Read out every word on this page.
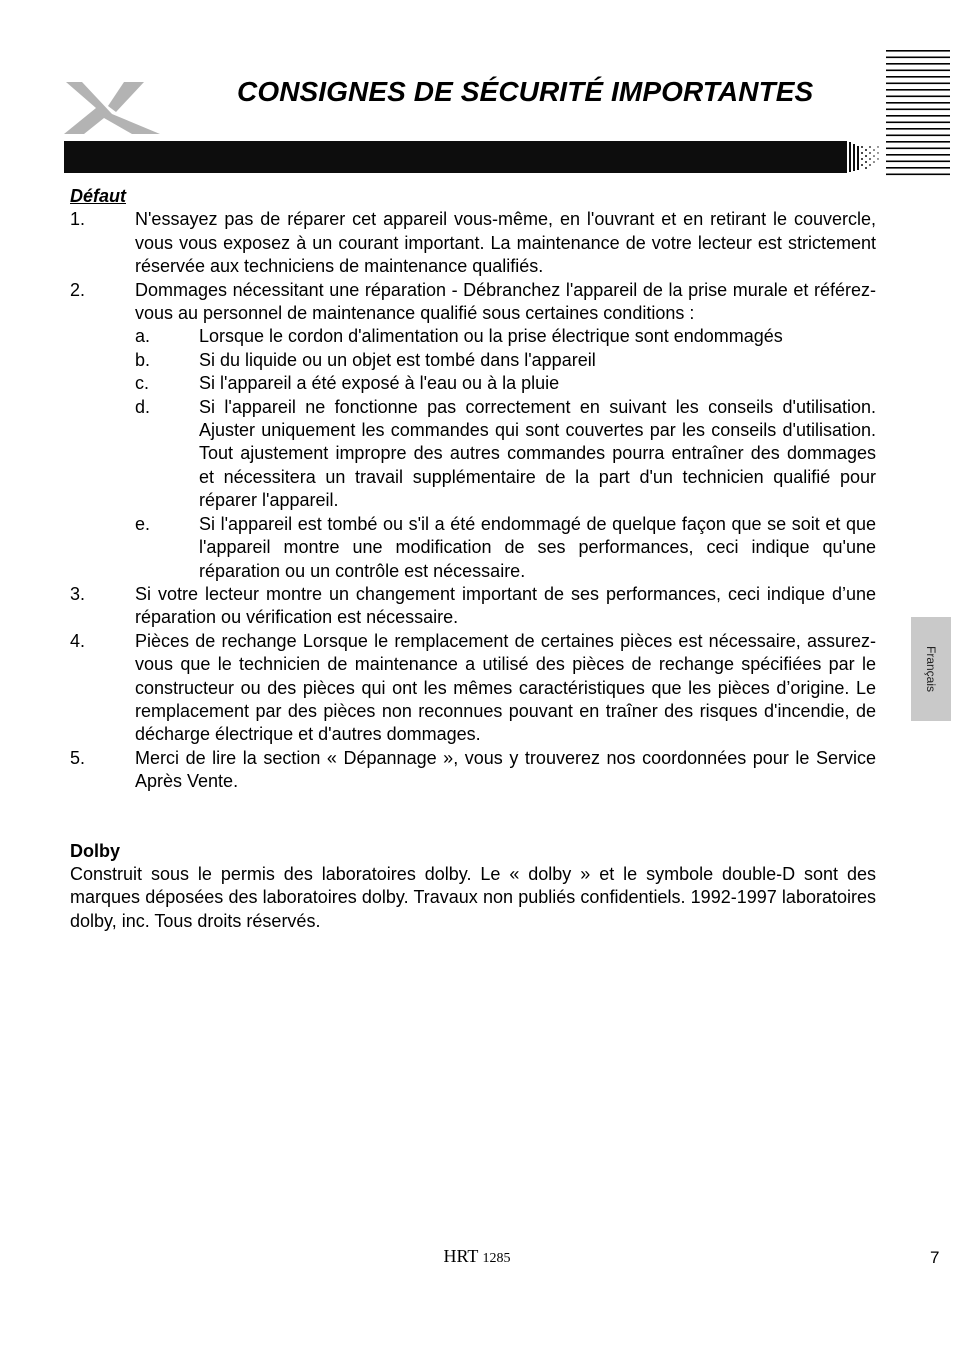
CONSIGNES DE SÉCURITÉ IMPORTANTES
Défaut
1.	N'essayez pas de réparer cet appareil vous-même, en l'ouvrant et en retirant le couvercle, vous vous exposez à un courant important. La maintenance de votre lecteur est strictement réservée aux techniciens de maintenance qualifiés.
2.	Dommages nécessitant une réparation - Débranchez l'appareil de la prise murale et référez-vous au personnel de maintenance qualifié sous certaines conditions :
a.	Lorsque le cordon d'alimentation ou la prise électrique sont endommagés
b.	Si du liquide ou un objet est tombé dans l'appareil
c.	Si l'appareil a été exposé à l'eau ou à la pluie
d.	Si l'appareil ne fonctionne pas correctement en suivant les conseils d'utilisation. Ajuster uniquement les commandes qui sont couvertes par les conseils d'utilisation. Tout ajustement impropre des autres commandes pourra entraîner des dommages et nécessitera un travail supplémentaire de la part d'un technicien qualifié pour réparer l'appareil.
e.	Si l'appareil est tombé ou s'il a été endommagé de quelque façon que se soit et que l'appareil montre une modification de ses performances, ceci indique qu'une réparation ou un contrôle est nécessaire.
3.	Si votre lecteur montre un changement important de ses performances, ceci indique d’une réparation ou vérification est nécessaire.
4.	Pièces de rechange Lorsque le remplacement de certaines pièces est nécessaire, assurez-vous que le technicien de maintenance a utilisé des pièces de rechange spécifiées par le constructeur ou des pièces qui ont les mêmes caractéristiques que les pièces d’origine. Le remplacement par des pièces non reconnues pouvant en traîner des risques d'incendie, de décharge électrique et d'autres dommages.
5.	Merci de lire la section « Dépannage », vous y trouverez nos coordonnées pour le Service Après Vente.
Dolby
Construit sous le permis des laboratoires dolby. Le « dolby » et le symbole double-D sont des marques déposées des laboratoires dolby. Travaux non publiés confidentiels. 1992-1997 laboratoires dolby, inc. Tous droits réservés.
Français
HRT 1285	7
